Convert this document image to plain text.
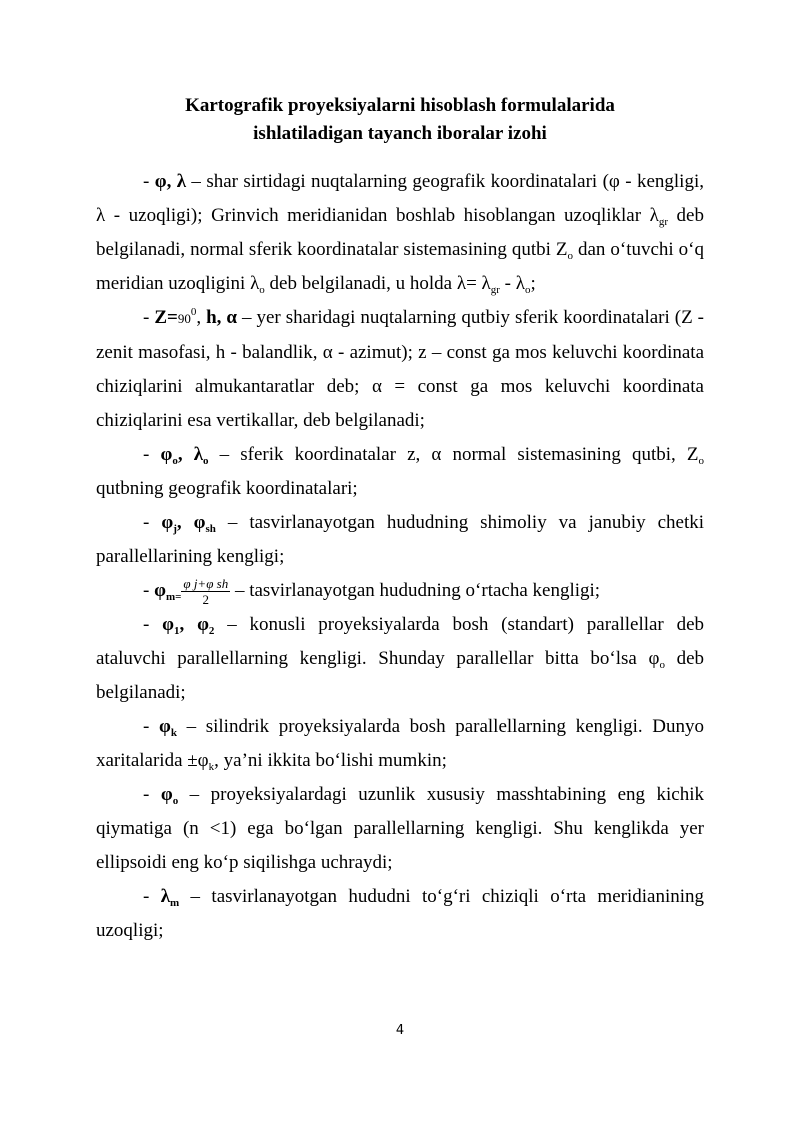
Kartografik proyeksiyalarni hisoblash formulalarida
ishlatiladigan tayanch iboralar izohi

- φ, λ – shar sirtidagi nuqtalarning geografik koordinatalari (φ - kengligi, λ - uzoqligi); Grinvich meridianidan boshlab hisoblangan uzoqliklar $\lambda_{gr}$ deb belgilanadi, normal sferik koordinatalar sistemasining qutbi $Z_o$ dan o‘tuvchi o‘q meridian uzoqligini $\lambda_o$ deb belgilanadi, u holda $\lambda= \lambda_{gr} - \lambda_o$;

- $Z=90^0$, h, α – yer sharidagi nuqtalarning qutbiy sferik koordinatalari (Z - zenit masofasi, h - balandlik, α - azimut); z – const ga mos keluvchi koordinata chiziqlarini almukantaratlar deb; α = const ga mos keluvchi koordinata chiziqlarini esa vertikallar, deb belgilanadi;

- $\varphi_o$, $\lambda_o$ – sferik koordinatalar z, α normal sistemasining qutbi, $Z_o$ qutbning geografik koordinatalari;

- $\varphi_j$, $\varphi_{sh}$ – tasvirlanayotgan hududning shimoliy va janubiy chetki parallellarining kengligi;

- $\varphi_{m=} \frac{\text{φ j+φ sh}}{2}$ – tasvirlanayotgan hududning o‘rtacha kengligi;

- $\varphi_1$, $\varphi_2$ – konusli proyeksiyalarda bosh (standart) parallellar deb ataluvchi parallellarning kengligi. Shunday parallellar bitta bo‘lsa $\varphi_o$ deb belgilanadi;

- $\varphi_k$ – silindrik proyeksiyalarda bosh parallellarning kengligi. Dunyo xaritalarida $\pm\varphi_k$, ya’ni ikkita bo‘lishi mumkin;

- $\varphi_o$ – proyeksiyalardagi uzunlik xususiy masshtabining eng kichik qiymatiga (n <1) ega bo‘lgan parallellarning kengligi. Shu kenglikda yer ellipsoidi eng ko‘p siqilishga uchraydi;

- $\lambda_m$ – tasvirlanayotgan hududni to‘g‘ri chiziqli o‘rta meridianining uzoqligi;

4
